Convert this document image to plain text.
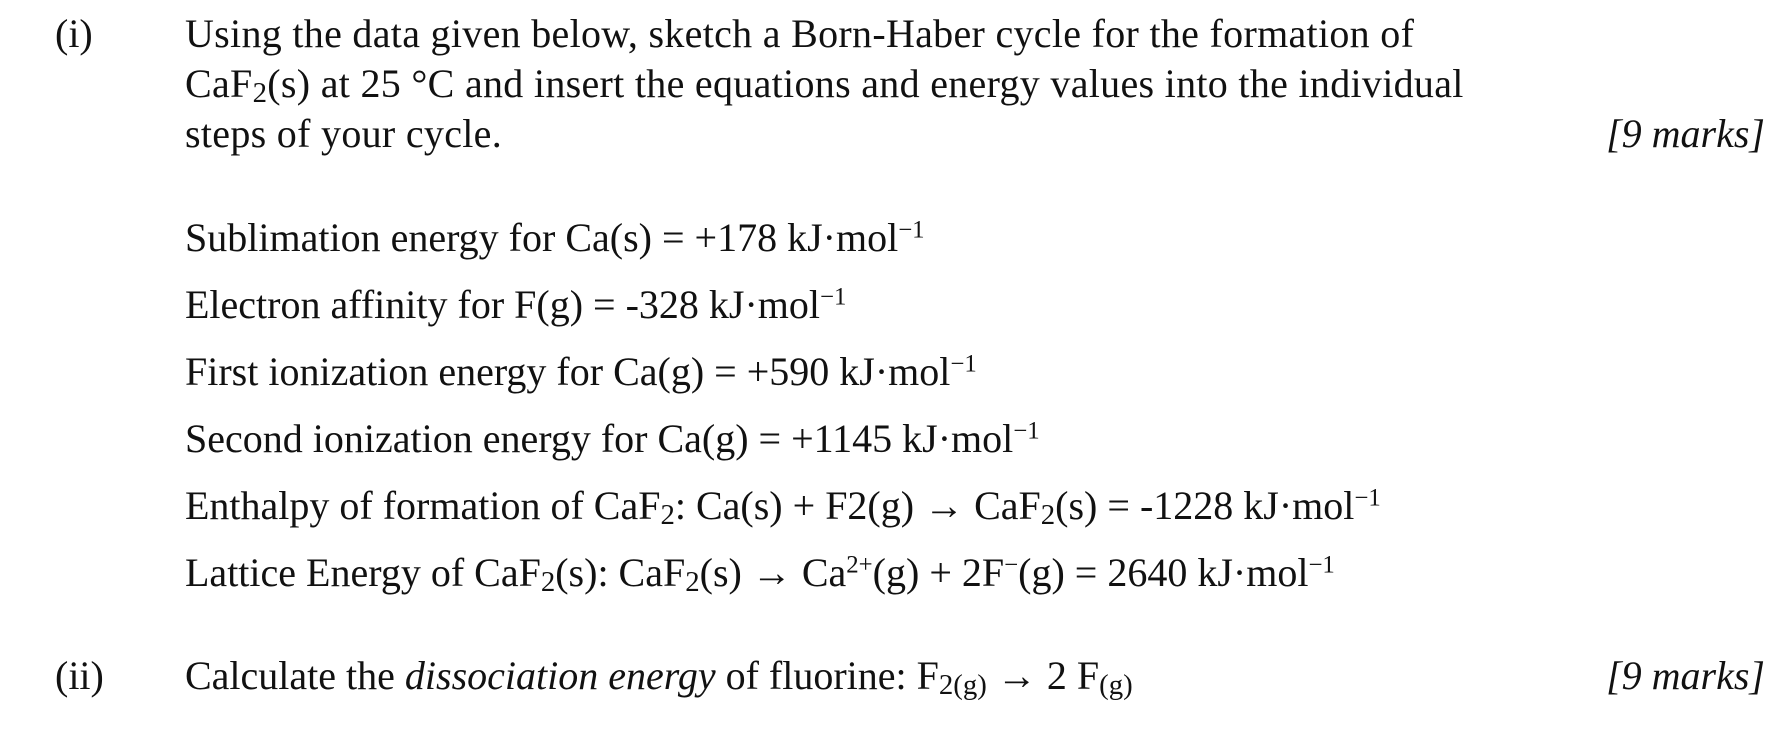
(i) Using the data given below, sketch a Born-Haber cycle for the formation of
CaF$_2$(s) at 25 °C and insert the equations and energy values into the individual
steps of your cycle.	[9 marks]
Sublimation energy for Ca(s) = +178 kJ·mol$^{-1}$
Electron affinity for F(g) = -328 kJ·mol$^{-1}$
First ionization energy for Ca(g) = +590 kJ·mol$^{-1}$
Second ionization energy for Ca(g) = +1145 kJ·mol$^{-1}$
Enthalpy of formation of CaF$_2$: Ca(s) + F2(g) → CaF$_2$(s) = -1228 kJ·mol$^{-1}$
Lattice Energy of CaF$_2$(s): $CaF_2(s) \to Ca^{2+}(g) + 2F^-(g) = 2640$ kJ·mol$^{-1}$
(ii) Calculate the dissociation energy of fluorine: $F_{2(g)} \to 2$ $F_{(g)}$	[9 marks]
